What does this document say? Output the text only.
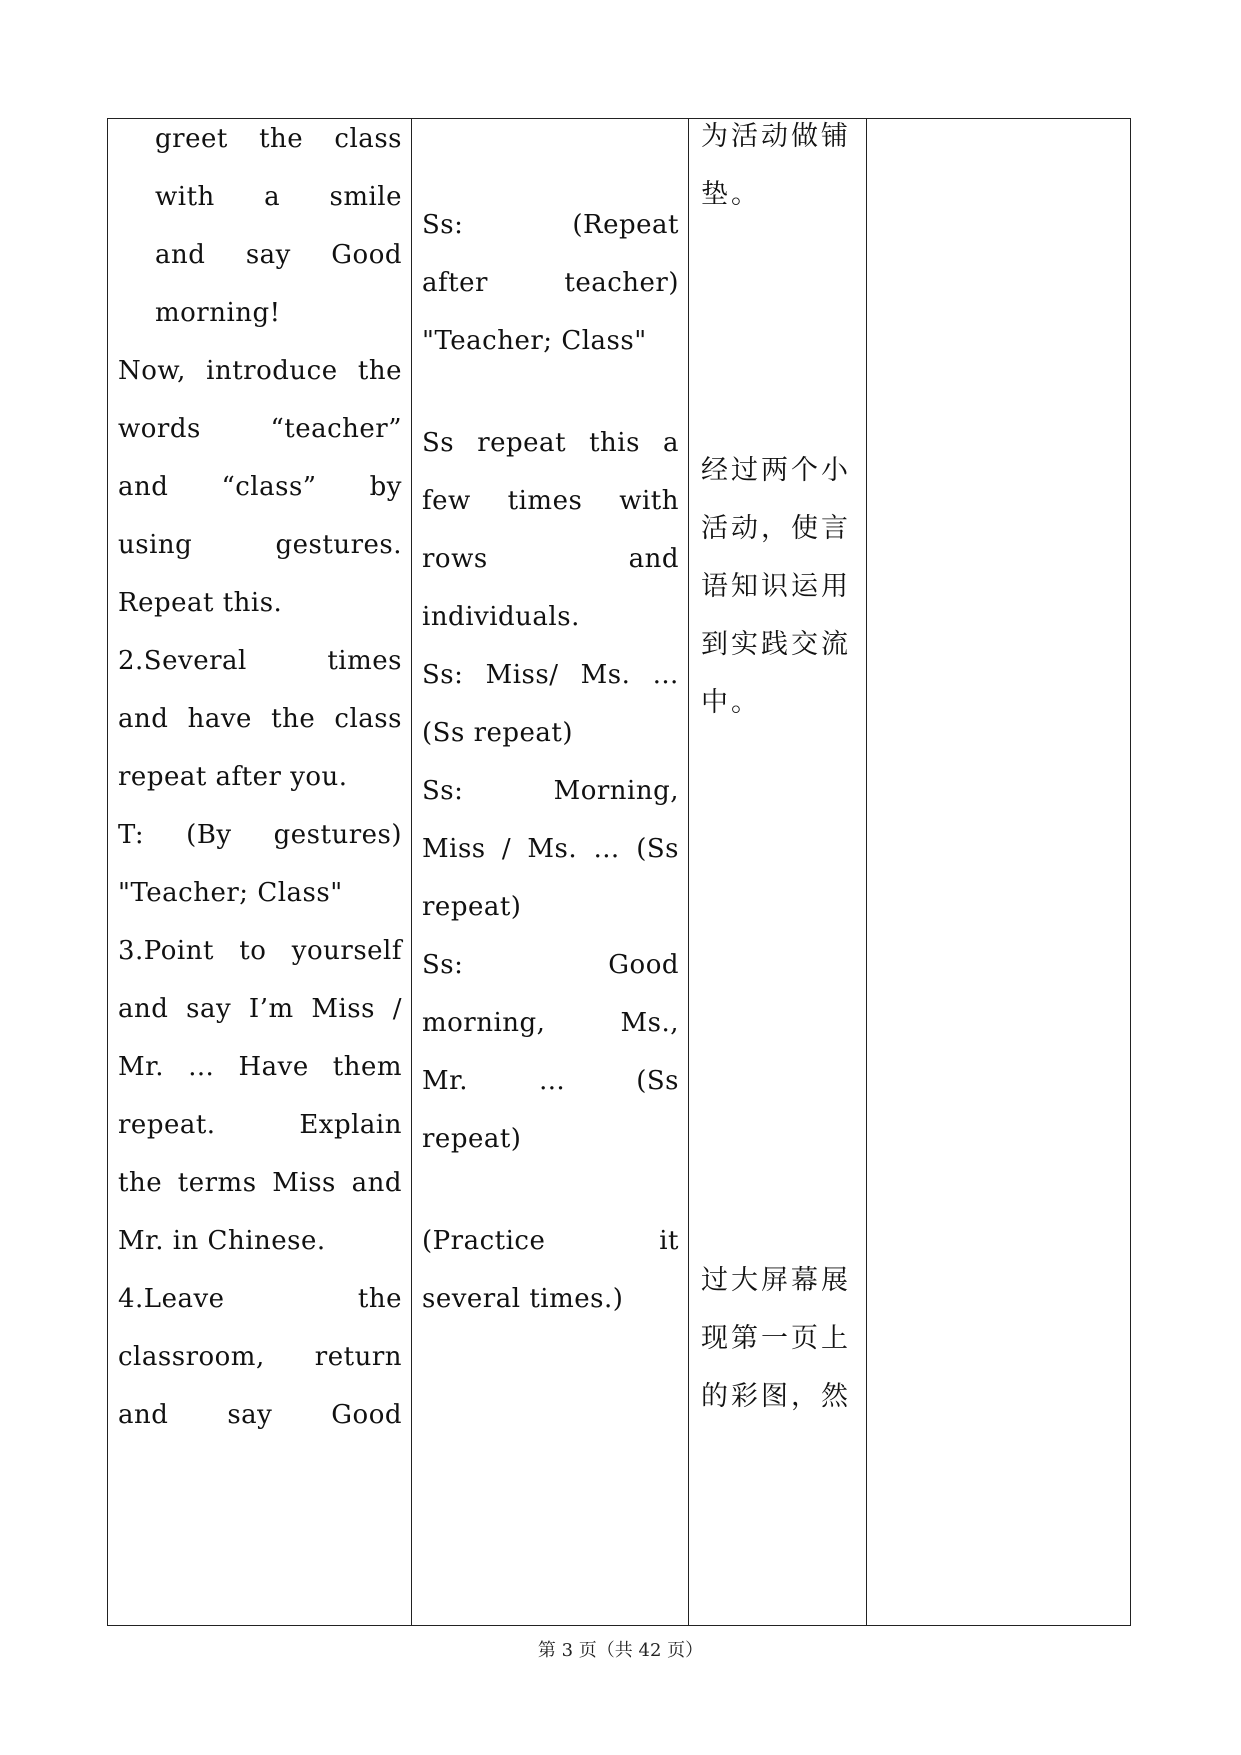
greet the class
with a smile
and say Good
morning!
Now, introduce the
words “teacher”
and “class” by
using gestures.
Repeat this.
2.Several times
and have the class
repeat after you.
T: (By gestures)
"Teacher; Class"
3.Point to yourself
and say I’m Miss /
Mr. … Have them
repeat. Explain
the terms Miss and
Mr. in Chinese.
4.Leave the
classroom, return
and say Good
Ss: (Repeat
after teacher)
"Teacher; Class"
Ss repeat this a
few times with
rows and
individuals.
Ss: Miss/ Ms. …
(Ss repeat)
Ss: Morning,
Miss / Ms. … (Ss
repeat)
Ss: Good
morning, Ms.,
Mr. … (Ss
repeat)
(Practice it
several times.)
为活动做铺
垫。
经过两个小
活动，使言
语知识运用
到实践交流
中。
过大屏幕展
现第一页上
的彩图，然
第 3 页（共 42 页）
